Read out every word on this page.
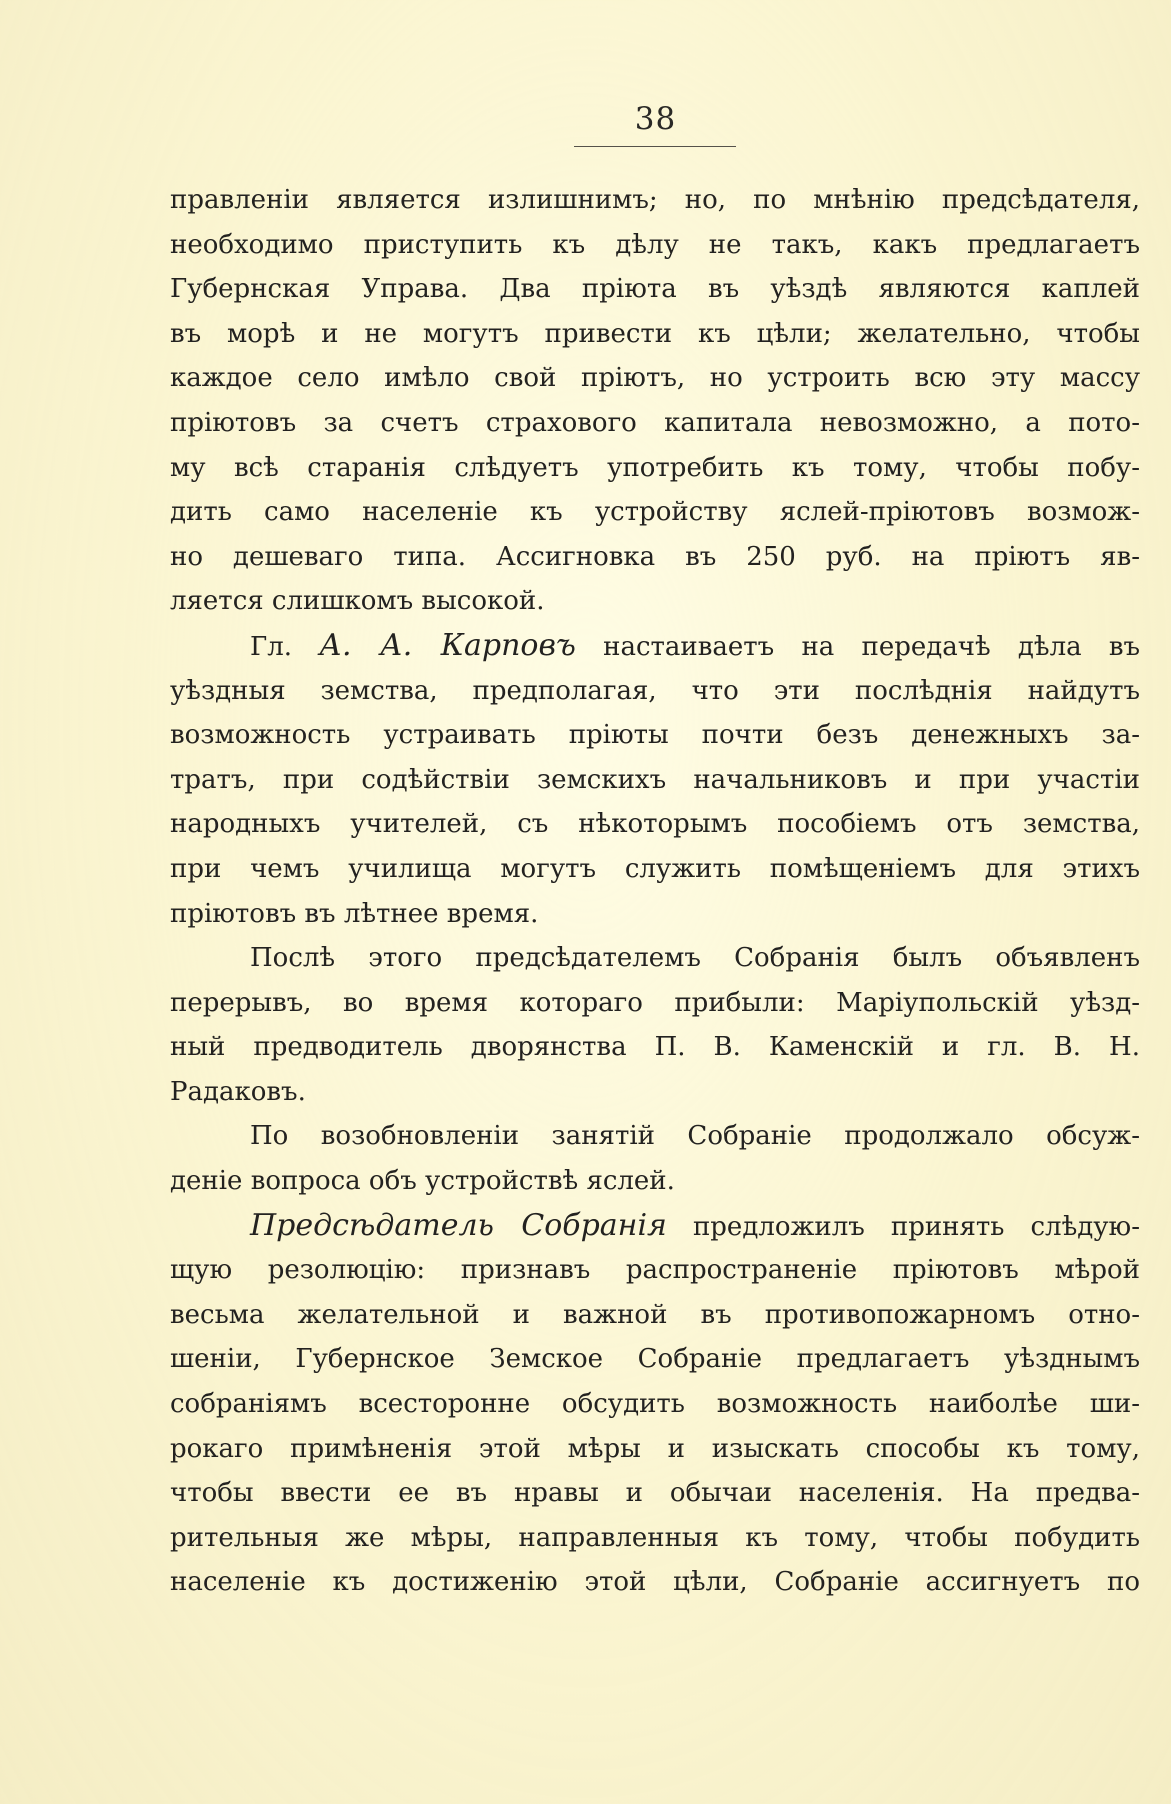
38

правленіи является излишнимъ; но, по мнѣнію предсѣдателя,
необходимо приступить къ дѣлу не такъ, какъ предлагаетъ
Губернская Управа. Два пріюта въ уѣздѣ являются каплей
въ морѣ и не могутъ привести къ цѣли; желательно, чтобы
каждое село имѣло свой пріютъ, но устроить всю эту массу
пріютовъ за счетъ страхового капитала невозможно, а пото-
му всѣ старанія слѣдуетъ употребить къ тому, чтобы побу-
дить само населеніе къ устройству яслей-пріютовъ возмож-
но дешеваго типа. Ассигновка въ 250 руб. на пріютъ яв-
ляется слишкомъ высокой.

Гл. А. А. Карповъ настаиваетъ на передачѣ дѣла въ
уѣздныя земства, предполагая, что эти послѣднія найдутъ
возможность устраивать пріюты почти безъ денежныхъ за-
тратъ, при содѣйствіи земскихъ начальниковъ и при участіи
народныхъ учителей, съ нѣкоторымъ пособіемъ отъ земства,
при чемъ училища могутъ служить помѣщеніемъ для этихъ
пріютовъ въ лѣтнее время.

Послѣ этого предсѣдателемъ Собранія былъ объявленъ
перерывъ, во время котораго прибыли: Маріупольскій уѣзд-
ный предводитель дворянства П. В. Каменскій и гл. В. Н.
Радаковъ.

По возобновленіи занятій Собраніе продолжало обсуж-
деніе вопроса объ устройствѣ яслей.

Предсѣдатель Собранія предложилъ принять слѣдую-
щую резолюцію: признавъ распространеніе пріютовъ мѣрой
весьма желательной и важной въ противопожарномъ отно-
шеніи, Губернское Земское Собраніе предлагаетъ уѣзднымъ
собраніямъ всесторонне обсудить возможность наиболѣе ши-
рокаго примѣненія этой мѣры и изыскать способы къ тому,
чтобы ввести ее въ нравы и обычаи населенія. На предва-
рительныя же мѣры, направленныя къ тому, чтобы побудить
населеніе къ достиженію этой цѣли, Собраніе ассигнуетъ по
